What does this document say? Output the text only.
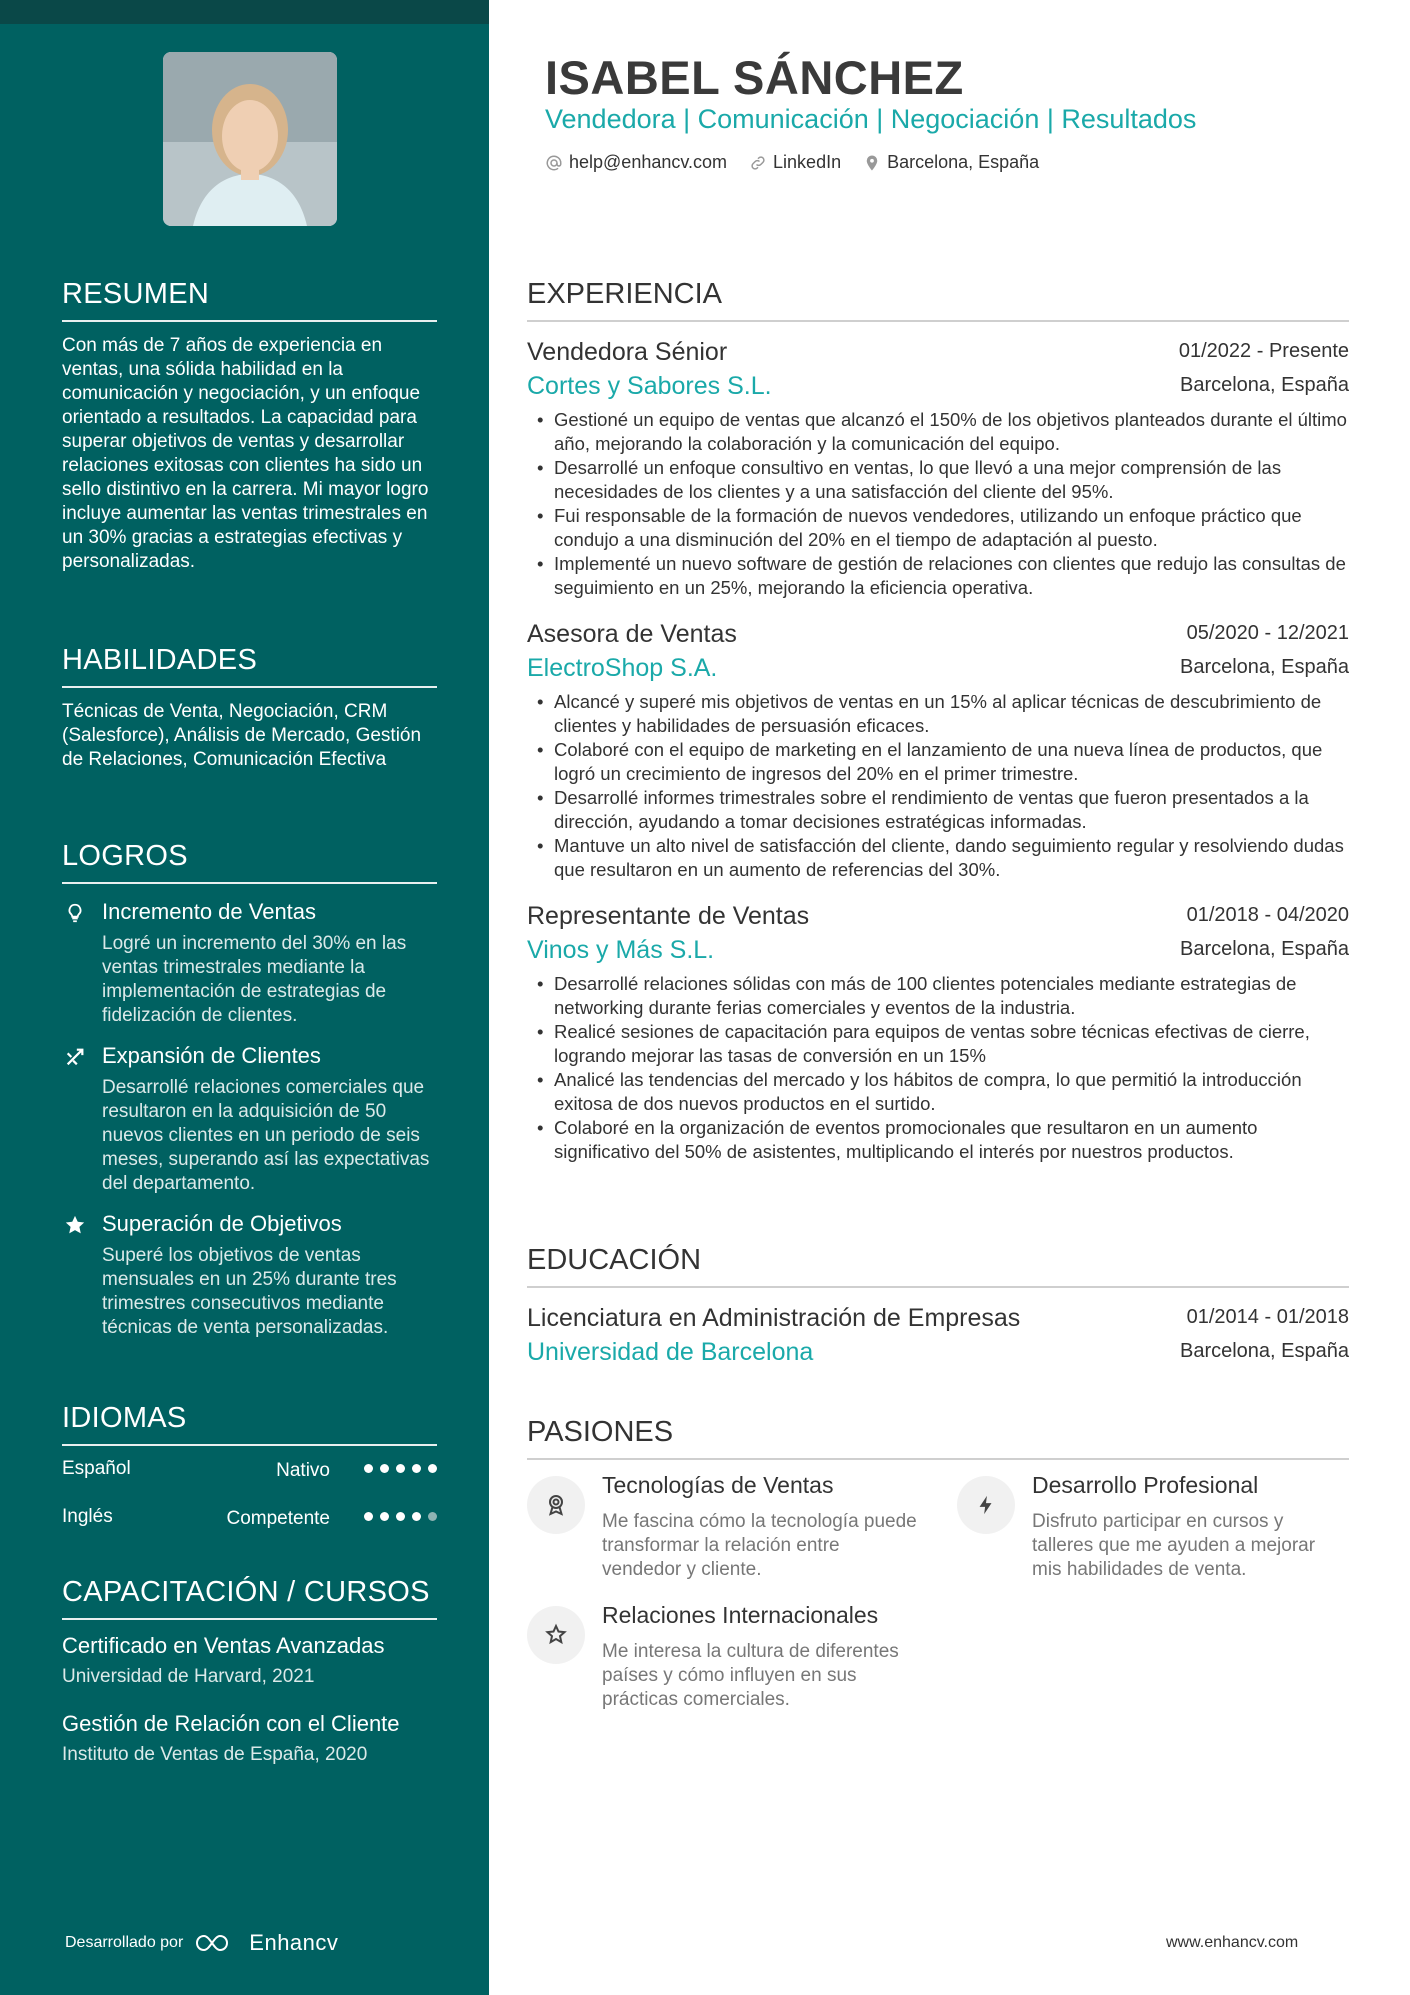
RESUMEN

Con más de 7 años de experiencia en ventas, una sólida habilidad en la comunicación y negociación, y un enfoque orientado a resultados. La capacidad para superar objetivos de ventas y desarrollar relaciones exitosas con clientes ha sido un sello distintivo en la carrera. Mi mayor logro incluye aumentar las ventas trimestrales en un 30% gracias a estrategias efectivas y personalizadas.

HABILIDADES

Técnicas de Venta, Negociación, CRM (Salesforce), Análisis de Mercado, Gestión de Relaciones, Comunicación Efectiva

LOGROS
Incremento de Ventas
Logré un incremento del 30% en las ventas trimestrales mediante la implementación de estrategias de fidelización de clientes.
Expansión de Clientes
Desarrollé relaciones comerciales que resultaron en la adquisición de 50 nuevos clientes en un periodo de seis meses, superando así las expectativas del departamento.
Superación de Objetivos
Superé los objetivos de ventas mensuales en un 25% durante tres trimestres consecutivos mediante técnicas de venta personalizadas.
IDIOMAS
Español	Nativo
Inglés	Competente
CAPACITACIÓN / CURSOS
Certificado en Ventas Avanzadas
Universidad de Harvard, 2021
Gestión de Relación con el Cliente
Instituto de Ventas de España, 2020
Desarrollado por	Enhancv
ISABEL SÁNCHEZ
Vendedora | Comunicación | Negociación | Resultados
help@enhancv.com	LinkedIn	Barcelona, España
EXPERIENCIA
Vendedora Sénior	01/2022 - Presente
Cortes y Sabores S.L.	Barcelona, España
• Gestioné un equipo de ventas que alcanzó el 150% de los objetivos planteados durante el último año, mejorando la colaboración y la comunicación del equipo.
• Desarrollé un enfoque consultivo en ventas, lo que llevó a una mejor comprensión de las necesidades de los clientes y a una satisfacción del cliente del 95%.
• Fui responsable de la formación de nuevos vendedores, utilizando un enfoque práctico que condujo a una disminución del 20% en el tiempo de adaptación al puesto.
• Implementé un nuevo software de gestión de relaciones con clientes que redujo las consultas de seguimiento en un 25%, mejorando la eficiencia operativa.
Asesora de Ventas	05/2020 - 12/2021
ElectroShop S.A.	Barcelona, España
• Alcancé y superé mis objetivos de ventas en un 15% al aplicar técnicas de descubrimiento de clientes y habilidades de persuasión eficaces.
• Colaboré con el equipo de marketing en el lanzamiento de una nueva línea de productos, que logró un crecimiento de ingresos del 20% en el primer trimestre.
• Desarrollé informes trimestrales sobre el rendimiento de ventas que fueron presentados a la dirección, ayudando a tomar decisiones estratégicas informadas.
• Mantuve un alto nivel de satisfacción del cliente, dando seguimiento regular y resolviendo dudas que resultaron en un aumento de referencias del 30%.
Representante de Ventas	01/2018 - 04/2020
Vinos y Más S.L.	Barcelona, España
• Desarrollé relaciones sólidas con más de 100 clientes potenciales mediante estrategias de networking durante ferias comerciales y eventos de la industria.
• Realicé sesiones de capacitación para equipos de ventas sobre técnicas efectivas de cierre, logrando mejorar las tasas de conversión en un 15%
• Analicé las tendencias del mercado y los hábitos de compra, lo que permitió la introducción exitosa de dos nuevos productos en el surtido.
• Colaboré en la organización de eventos promocionales que resultaron en un aumento significativo del 50% de asistentes, multiplicando el interés por nuestros productos.
EDUCACIÓN
Licenciatura en Administración de Empresas	01/2014 - 01/2018
Universidad de Barcelona	Barcelona, España
PASIONES
Tecnologías de Ventas
Me fascina cómo la tecnología puede transformar la relación entre vendedor y cliente.
Desarrollo Profesional
Disfruto participar en cursos y talleres que me ayuden a mejorar mis habilidades de venta.
Relaciones Internacionales
Me interesa la cultura de diferentes países y cómo influyen en sus prácticas comerciales.
www.enhancv.com
